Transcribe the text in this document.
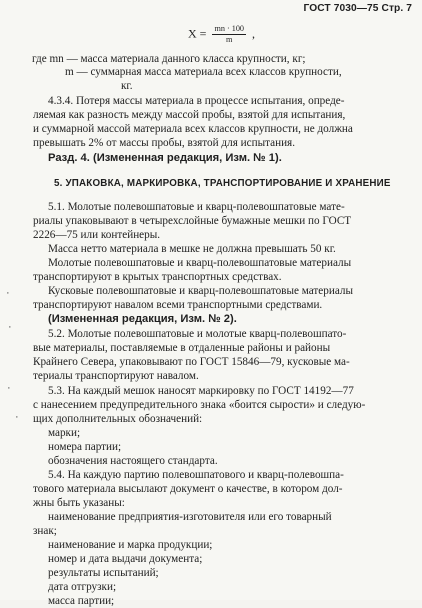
ГОСТ 7030—75 Стр. 7
$X = \frac{mn \cdot 100}{m}$ ,
где mn — масса материала данного класса крупности, кг;
m — суммарная масса материала всех классов крупности,
кг.
4.3.4. Потеря массы материала в процессе испытания, опреде-
ляемая как разность между массой пробы, взятой для испытания,
и суммарной массой материала всех классов крупности, не должна
превышать 2% от массы пробы, взятой для испытания.
Разд. 4. (Измененная редакция, Изм. № 1).
5. УПАКОВКА, МАРКИРОВКА, ТРАНСПОРТИРОВАНИЕ И ХРАНЕНИЕ
5.1. Молотые полевошпатовые и кварц-полевошпатовые мате-
риалы упаковывают в четырехслойные бумажные мешки по ГОСТ
2226—75 или контейнеры.
Масса нетто материала в мешке не должна превышать 50 кг.
Молотые полевошпатовые и кварц-полевошпатовые материалы
транспортируют в крытых транспортных средствах.
Кусковые полевошпатовые и кварц-полевошпатовые материалы
транспортируют навалом всеми транспортными средствами.
(Измененная редакция, Изм. № 2).
5.2. Молотые полевошпатовые и молотые кварц-полевошпато-
вые материалы, поставляемые в отдаленные районы и районы
Крайнего Севера, упаковывают по ГОСТ 15846—79, кусковые ма-
териалы транспортируют навалом.
5.3. На каждый мешок наносят маркировку по ГОСТ 14192—77
с нанесением предупредительного знака «боится сырости» и следую-
щих дополнительных обозначений:
марки;
номера партии;
обозначения настоящего стандарта.
5.4. На каждую партию полевошпатового и кварц-полевошпа-
тового материала высылают документ о качестве, в котором дол-
жны быть указаны:
наименование предприятия-изготовителя или его товарный
знак;
наименование и марка продукции;
номер и дата выдачи документа;
результаты испытаний;
дата отгрузки;
масса партии;
·
·
·
·
